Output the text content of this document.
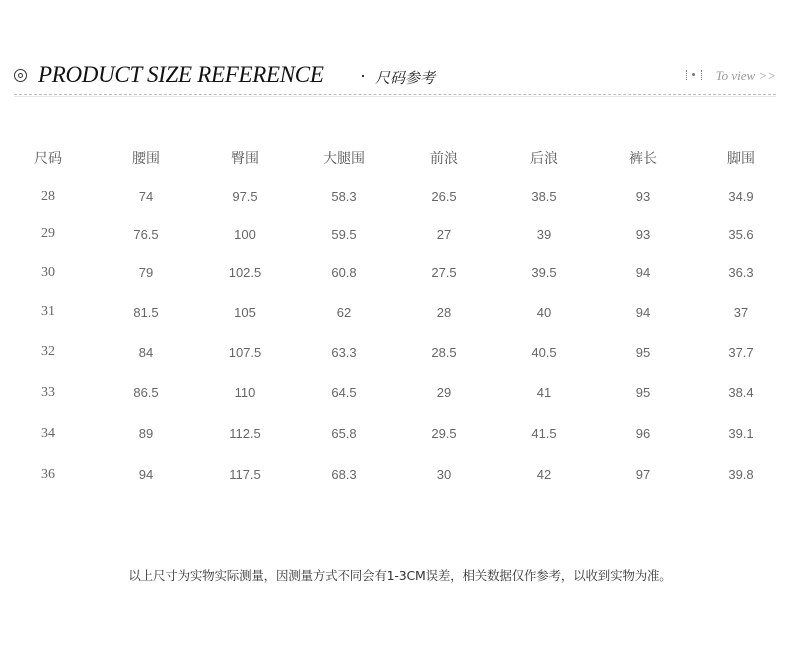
PRODUCT SIZE REFERENCE · 尺码参考	To view >>
尺码	腰围	臀围	大腿围	前浪	后浪	裤长	脚围
28	74	97.5	58.3	26.5	38.5	93	34.9
29	76.5	100	59.5	27	39	93	35.6
30	79	102.5	60.8	27.5	39.5	94	36.3
31	81.5	105	62	28	40	94	37
32	84	107.5	63.3	28.5	40.5	95	37.7
33	86.5	110	64.5	29	41	95	38.4
34	89	112.5	65.8	29.5	41.5	96	39.1
36	94	117.5	68.3	30	42	97	39.8
以上尺寸为实物实际测量，因测量方式不同会有1-3CM误差，相关数据仅作参考，以收到实物为准。
